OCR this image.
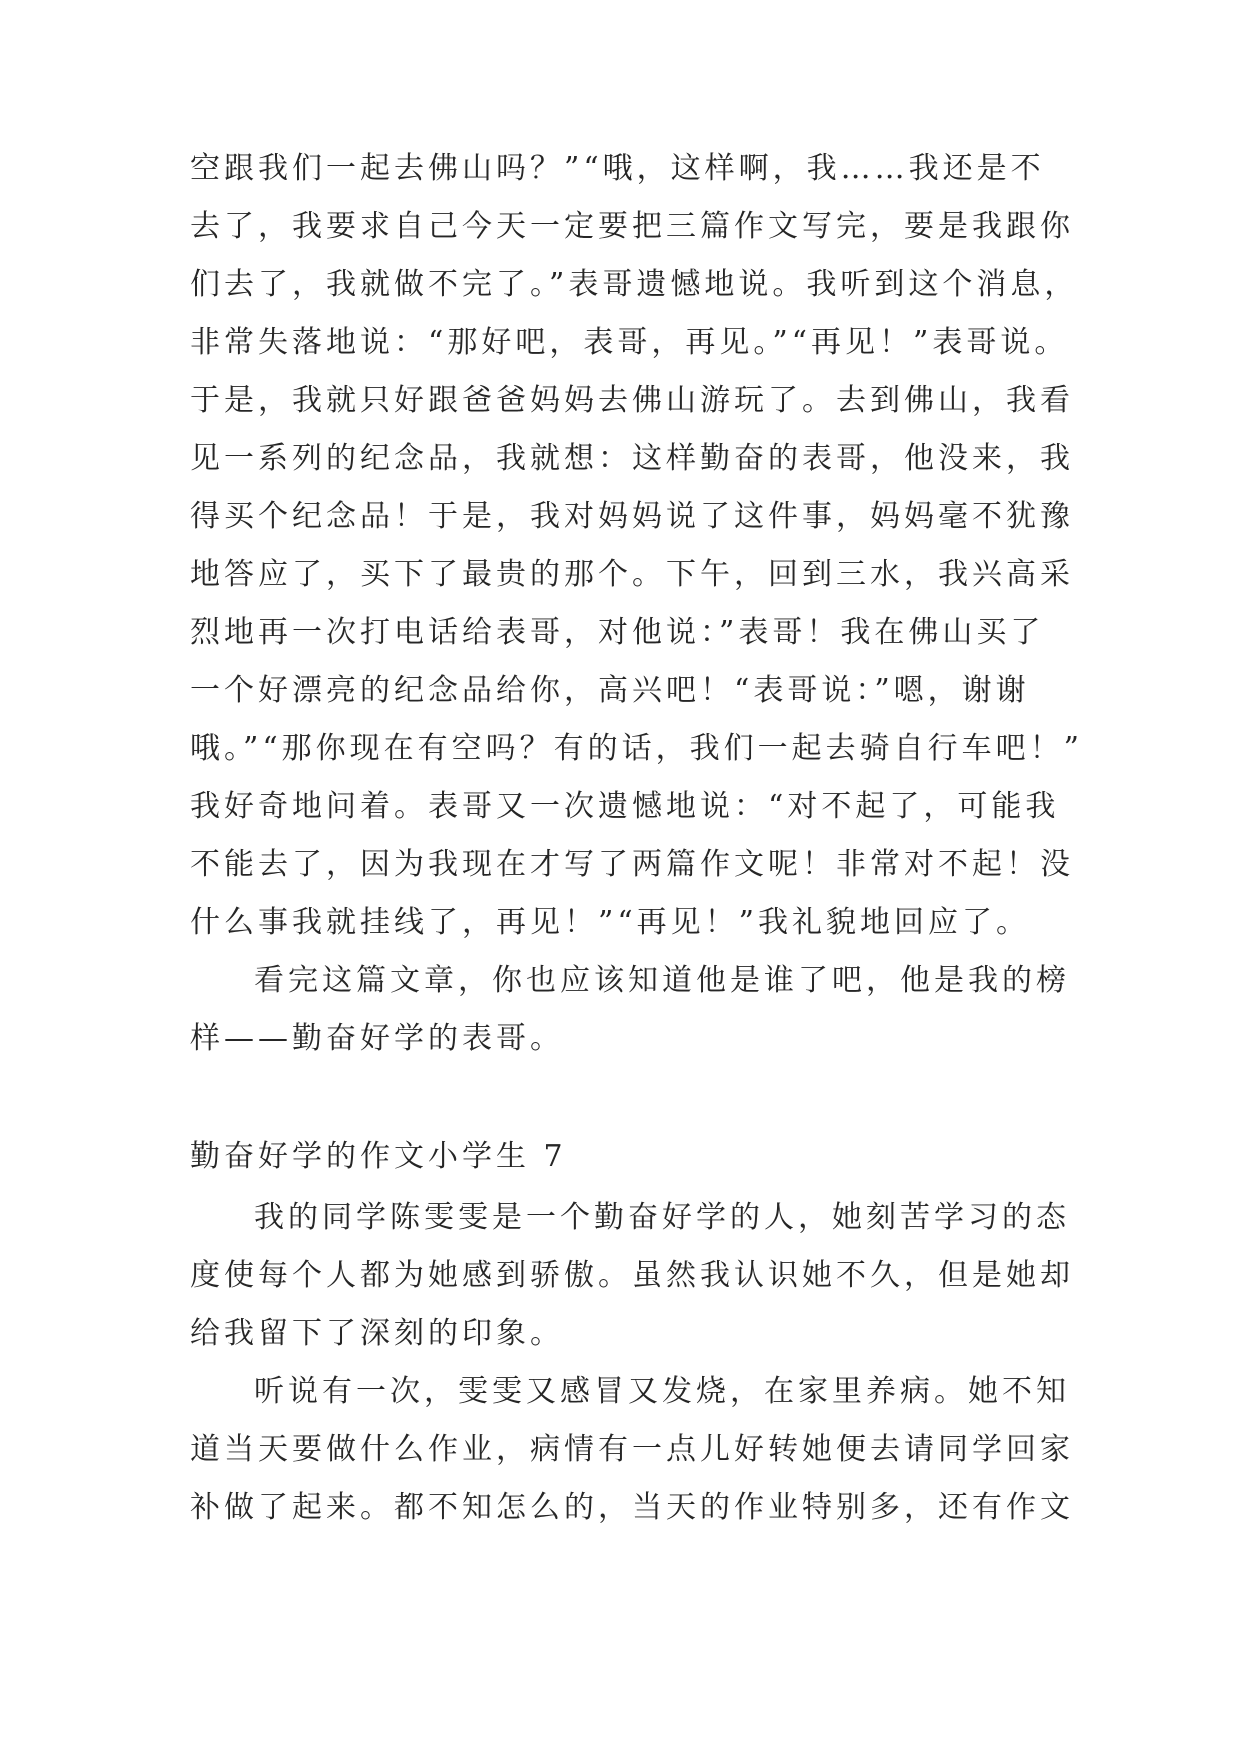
空跟我们一起去佛山吗？”“哦，这样啊，我……我还是不
去了，我要求自己今天一定要把三篇作文写完，要是我跟你
们去了，我就做不完了。”表哥遗憾地说。我听到这个消息，
非常失落地说：“那好吧，表哥，再见。”“再见！”表哥说。
于是，我就只好跟爸爸妈妈去佛山游玩了。去到佛山，我看
见一系列的纪念品，我就想：这样勤奋的表哥，他没来，我
得买个纪念品！于是，我对妈妈说了这件事，妈妈毫不犹豫
地答应了，买下了最贵的那个。下午，回到三水，我兴高采
烈地再一次打电话给表哥，对他说：”表哥！我在佛山买了
一个好漂亮的纪念品给你，高兴吧！“表哥说：”嗯，谢谢
哦。”“那你现在有空吗？有的话，我们一起去骑自行车吧！”
我好奇地问着。表哥又一次遗憾地说：“对不起了，可能我
不能去了，因为我现在才写了两篇作文呢！非常对不起！没
什么事我就挂线了，再见！”“再见！”我礼貌地回应了。
看完这篇文章，你也应该知道他是谁了吧，他是我的榜
样——勤奋好学的表哥。
勤奋好学的作文小学生 7
我的同学陈雯雯是一个勤奋好学的人，她刻苦学习的态
度使每个人都为她感到骄傲。虽然我认识她不久，但是她却
给我留下了深刻的印象。
听说有一次，雯雯又感冒又发烧，在家里养病。她不知
道当天要做什么作业，病情有一点儿好转她便去请同学回家
补做了起来。都不知怎么的，当天的作业特别多，还有作文
